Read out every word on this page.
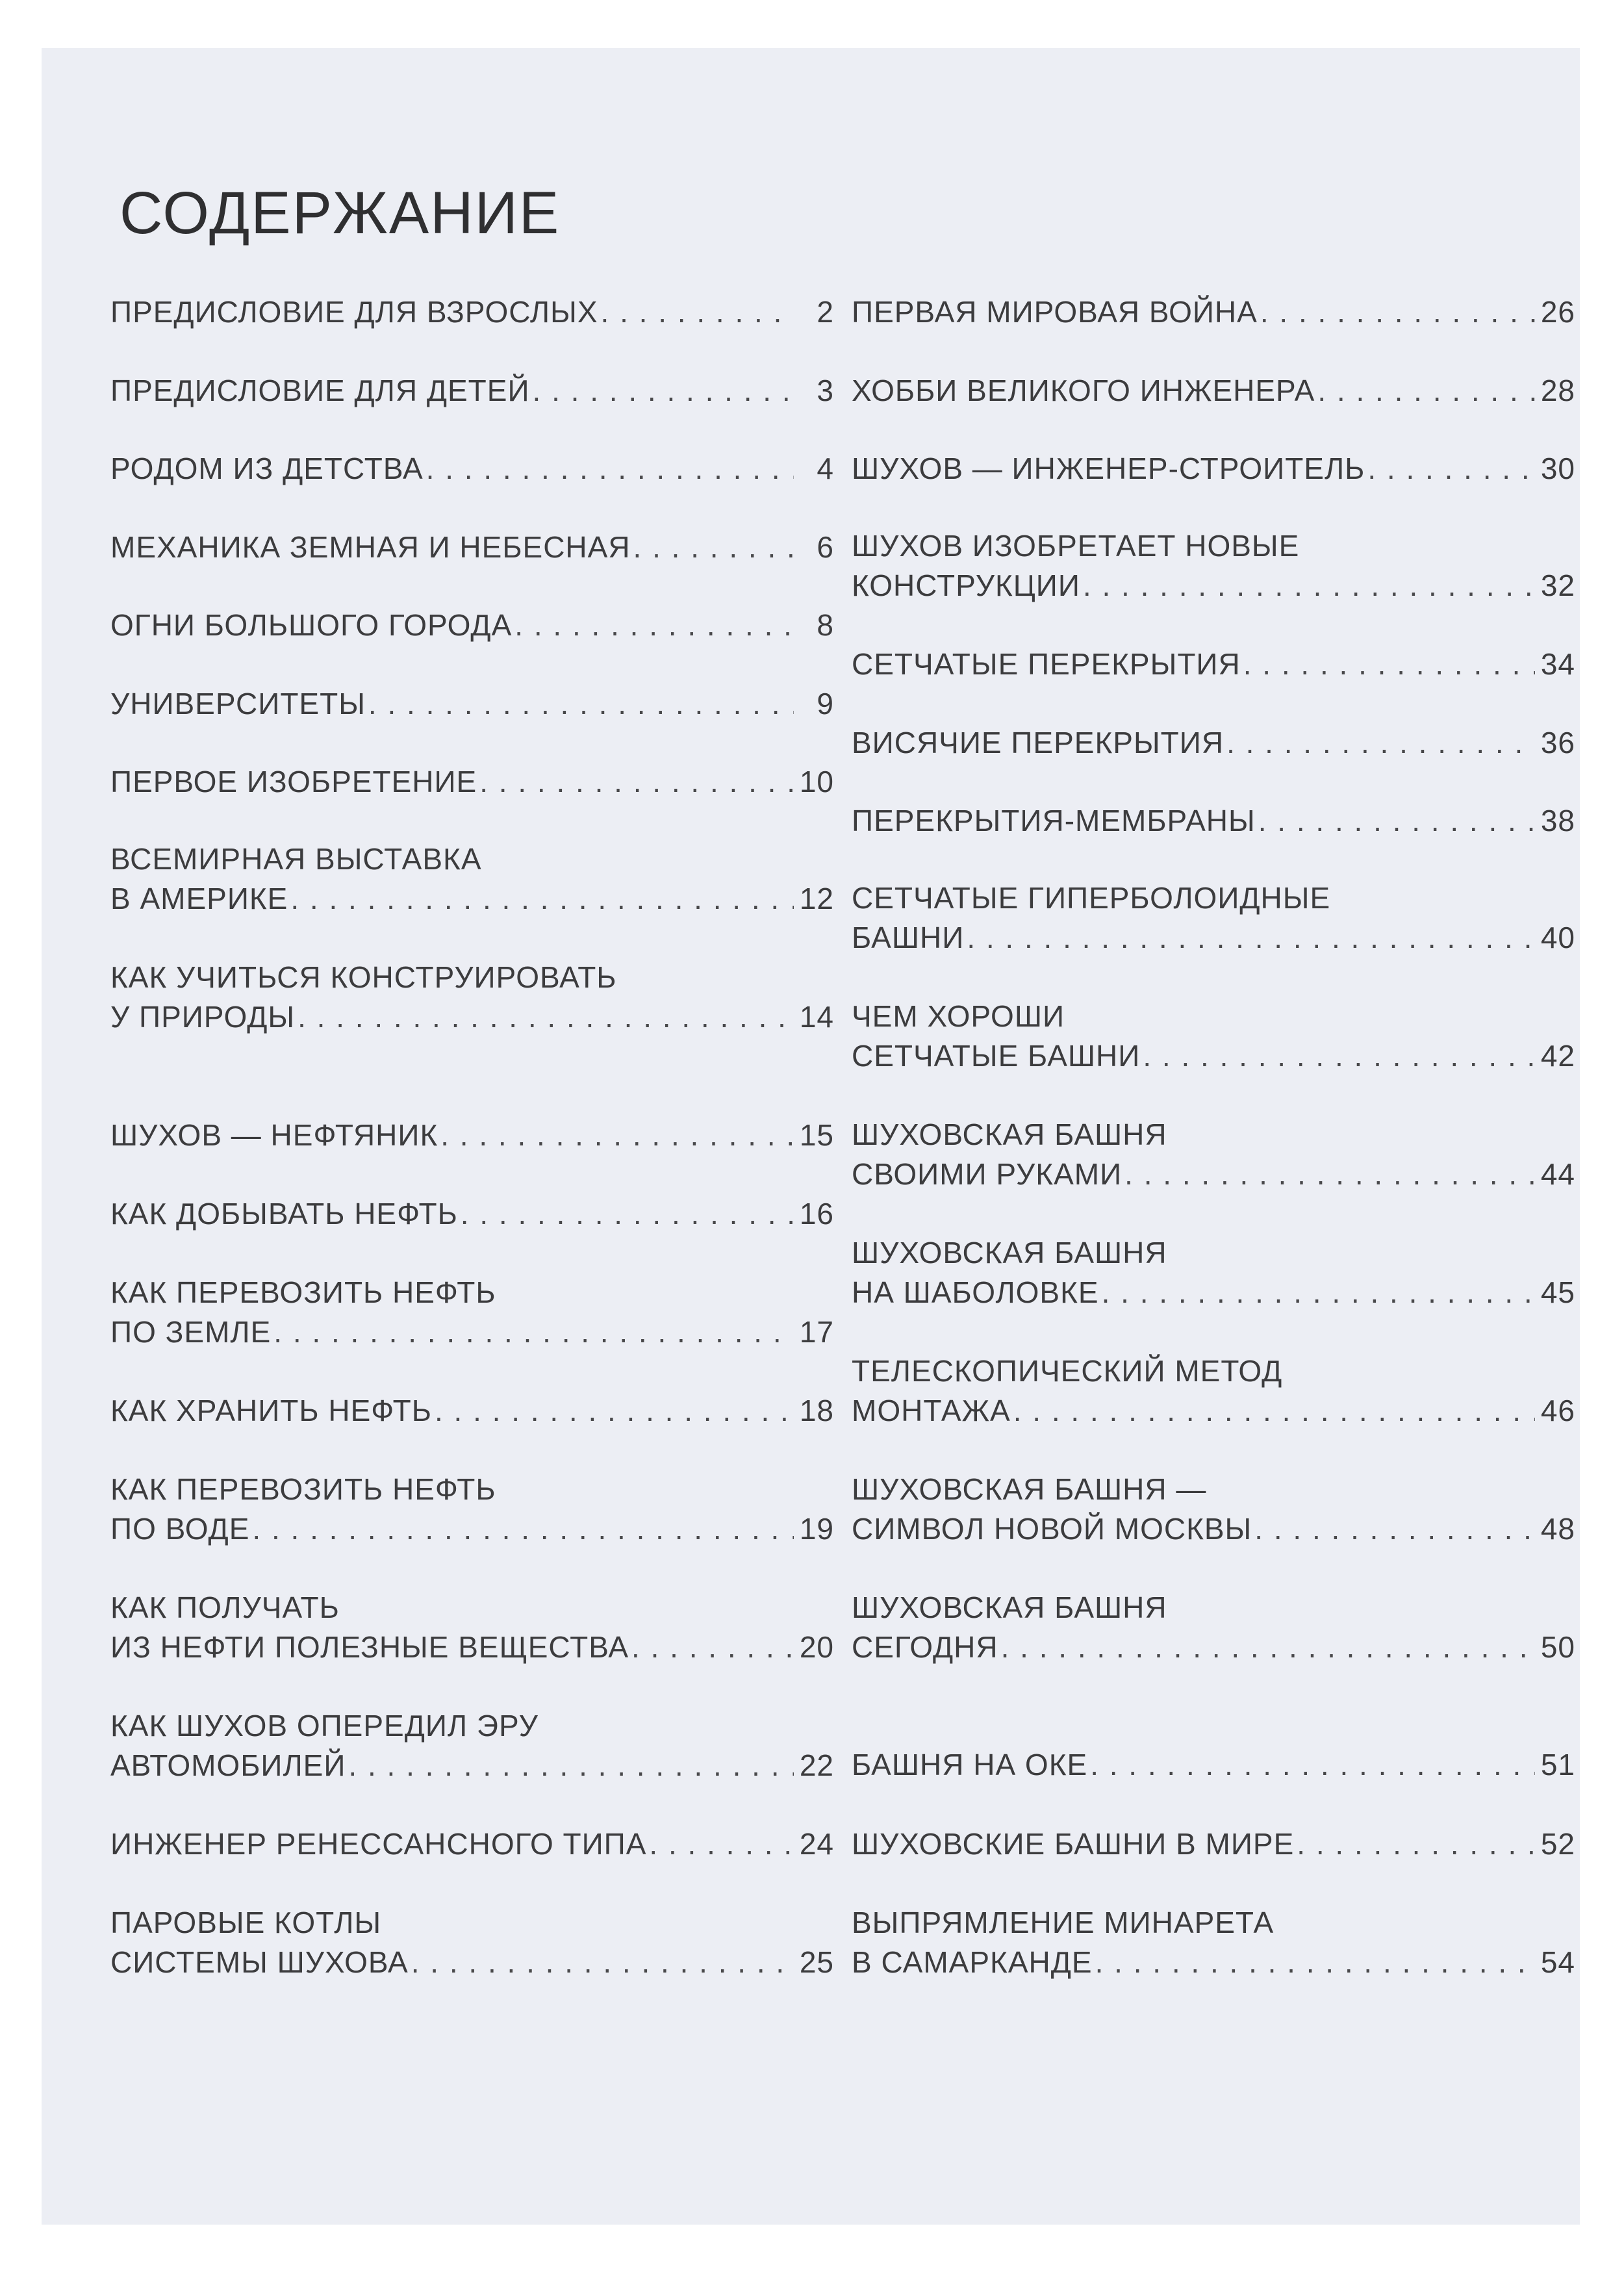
СОДЕРЖАНИЕ
ПРЕДИСЛОВИЕ ДЛЯ ВЗРОСЛЫХ . . .	2
ПРЕДИСЛОВИЕ ДЛЯ ДЕТЕЙ . . .	3
РОДОМ ИЗ ДЕТСТВА . . .	4
МЕХАНИКА ЗЕМНАЯ И НЕБЕСНАЯ . . .	6
ОГНИ БОЛЬШОГО ГОРОДА . . .	8
УНИВЕРСИТЕТЫ . . .	9
ПЕРВОЕ ИЗОБРЕТЕНИЕ . . .	10
ВСЕМИРНАЯ ВЫСТАВКА
В АМЕРИКЕ . . .	12
КАК УЧИТЬСЯ КОНСТРУИРОВАТЬ
У ПРИРОДЫ . . .	14
ШУХОВ — НЕФТЯНИК . . .	15
КАК ДОБЫВАТЬ НЕФТЬ . . .	16
КАК ПЕРЕВОЗИТЬ НЕФТЬ
ПО ЗЕМЛЕ . . .	17
КАК ХРАНИТЬ НЕФТЬ . . .	18
КАК ПЕРЕВОЗИТЬ НЕФТЬ
ПО ВОДЕ . . .	19
КАК ПОЛУЧАТЬ
ИЗ НЕФТИ ПОЛЕЗНЫЕ ВЕЩЕСТВА . . .	20
КАК ШУХОВ ОПЕРЕДИЛ ЭРУ
АВТОМОБИЛЕЙ . . .	22
ИНЖЕНЕР РЕНЕССАНСНОГО ТИПА . . .	24
ПАРОВЫЕ КОТЛЫ
СИСТЕМЫ ШУХОВА . . .	25
ПЕРВАЯ МИРОВАЯ ВОЙНА . . .	26
ХОББИ ВЕЛИКОГО ИНЖЕНЕРА . . .	28
ШУХОВ — ИНЖЕНЕР-СТРОИТЕЛЬ . . .	30
ШУХОВ ИЗОБРЕТАЕТ НОВЫЕ
КОНСТРУКЦИИ . . .	32
СЕТЧАТЫЕ ПЕРЕКРЫТИЯ . . .	34
ВИСЯЧИЕ ПЕРЕКРЫТИЯ . . .	36
ПЕРЕКРЫТИЯ-МЕМБРАНЫ . . .	38
СЕТЧАТЫЕ ГИПЕРБОЛОИДНЫЕ
БАШНИ . . .	40
ЧЕМ ХОРОШИ
СЕТЧАТЫЕ БАШНИ . . .	42
ШУХОВСКАЯ БАШНЯ
СВОИМИ РУКАМИ . . .	44
ШУХОВСКАЯ БАШНЯ
НА ШАБОЛОВКЕ . . .	45
ТЕЛЕСКОПИЧЕСКИЙ МЕТОД
МОНТАЖА . . .	46
ШУХОВСКАЯ БАШНЯ —
СИМВОЛ НОВОЙ МОСКВЫ . . .	48
ШУХОВСКАЯ БАШНЯ
СЕГОДНЯ . . .	50
БАШНЯ НА ОКЕ . . .	51
ШУХОВСКИЕ БАШНИ В МИРЕ . . .	52
ВЫПРЯМЛЕНИЕ МИНАРЕТА
В САМАРКАНДЕ . . .	54
